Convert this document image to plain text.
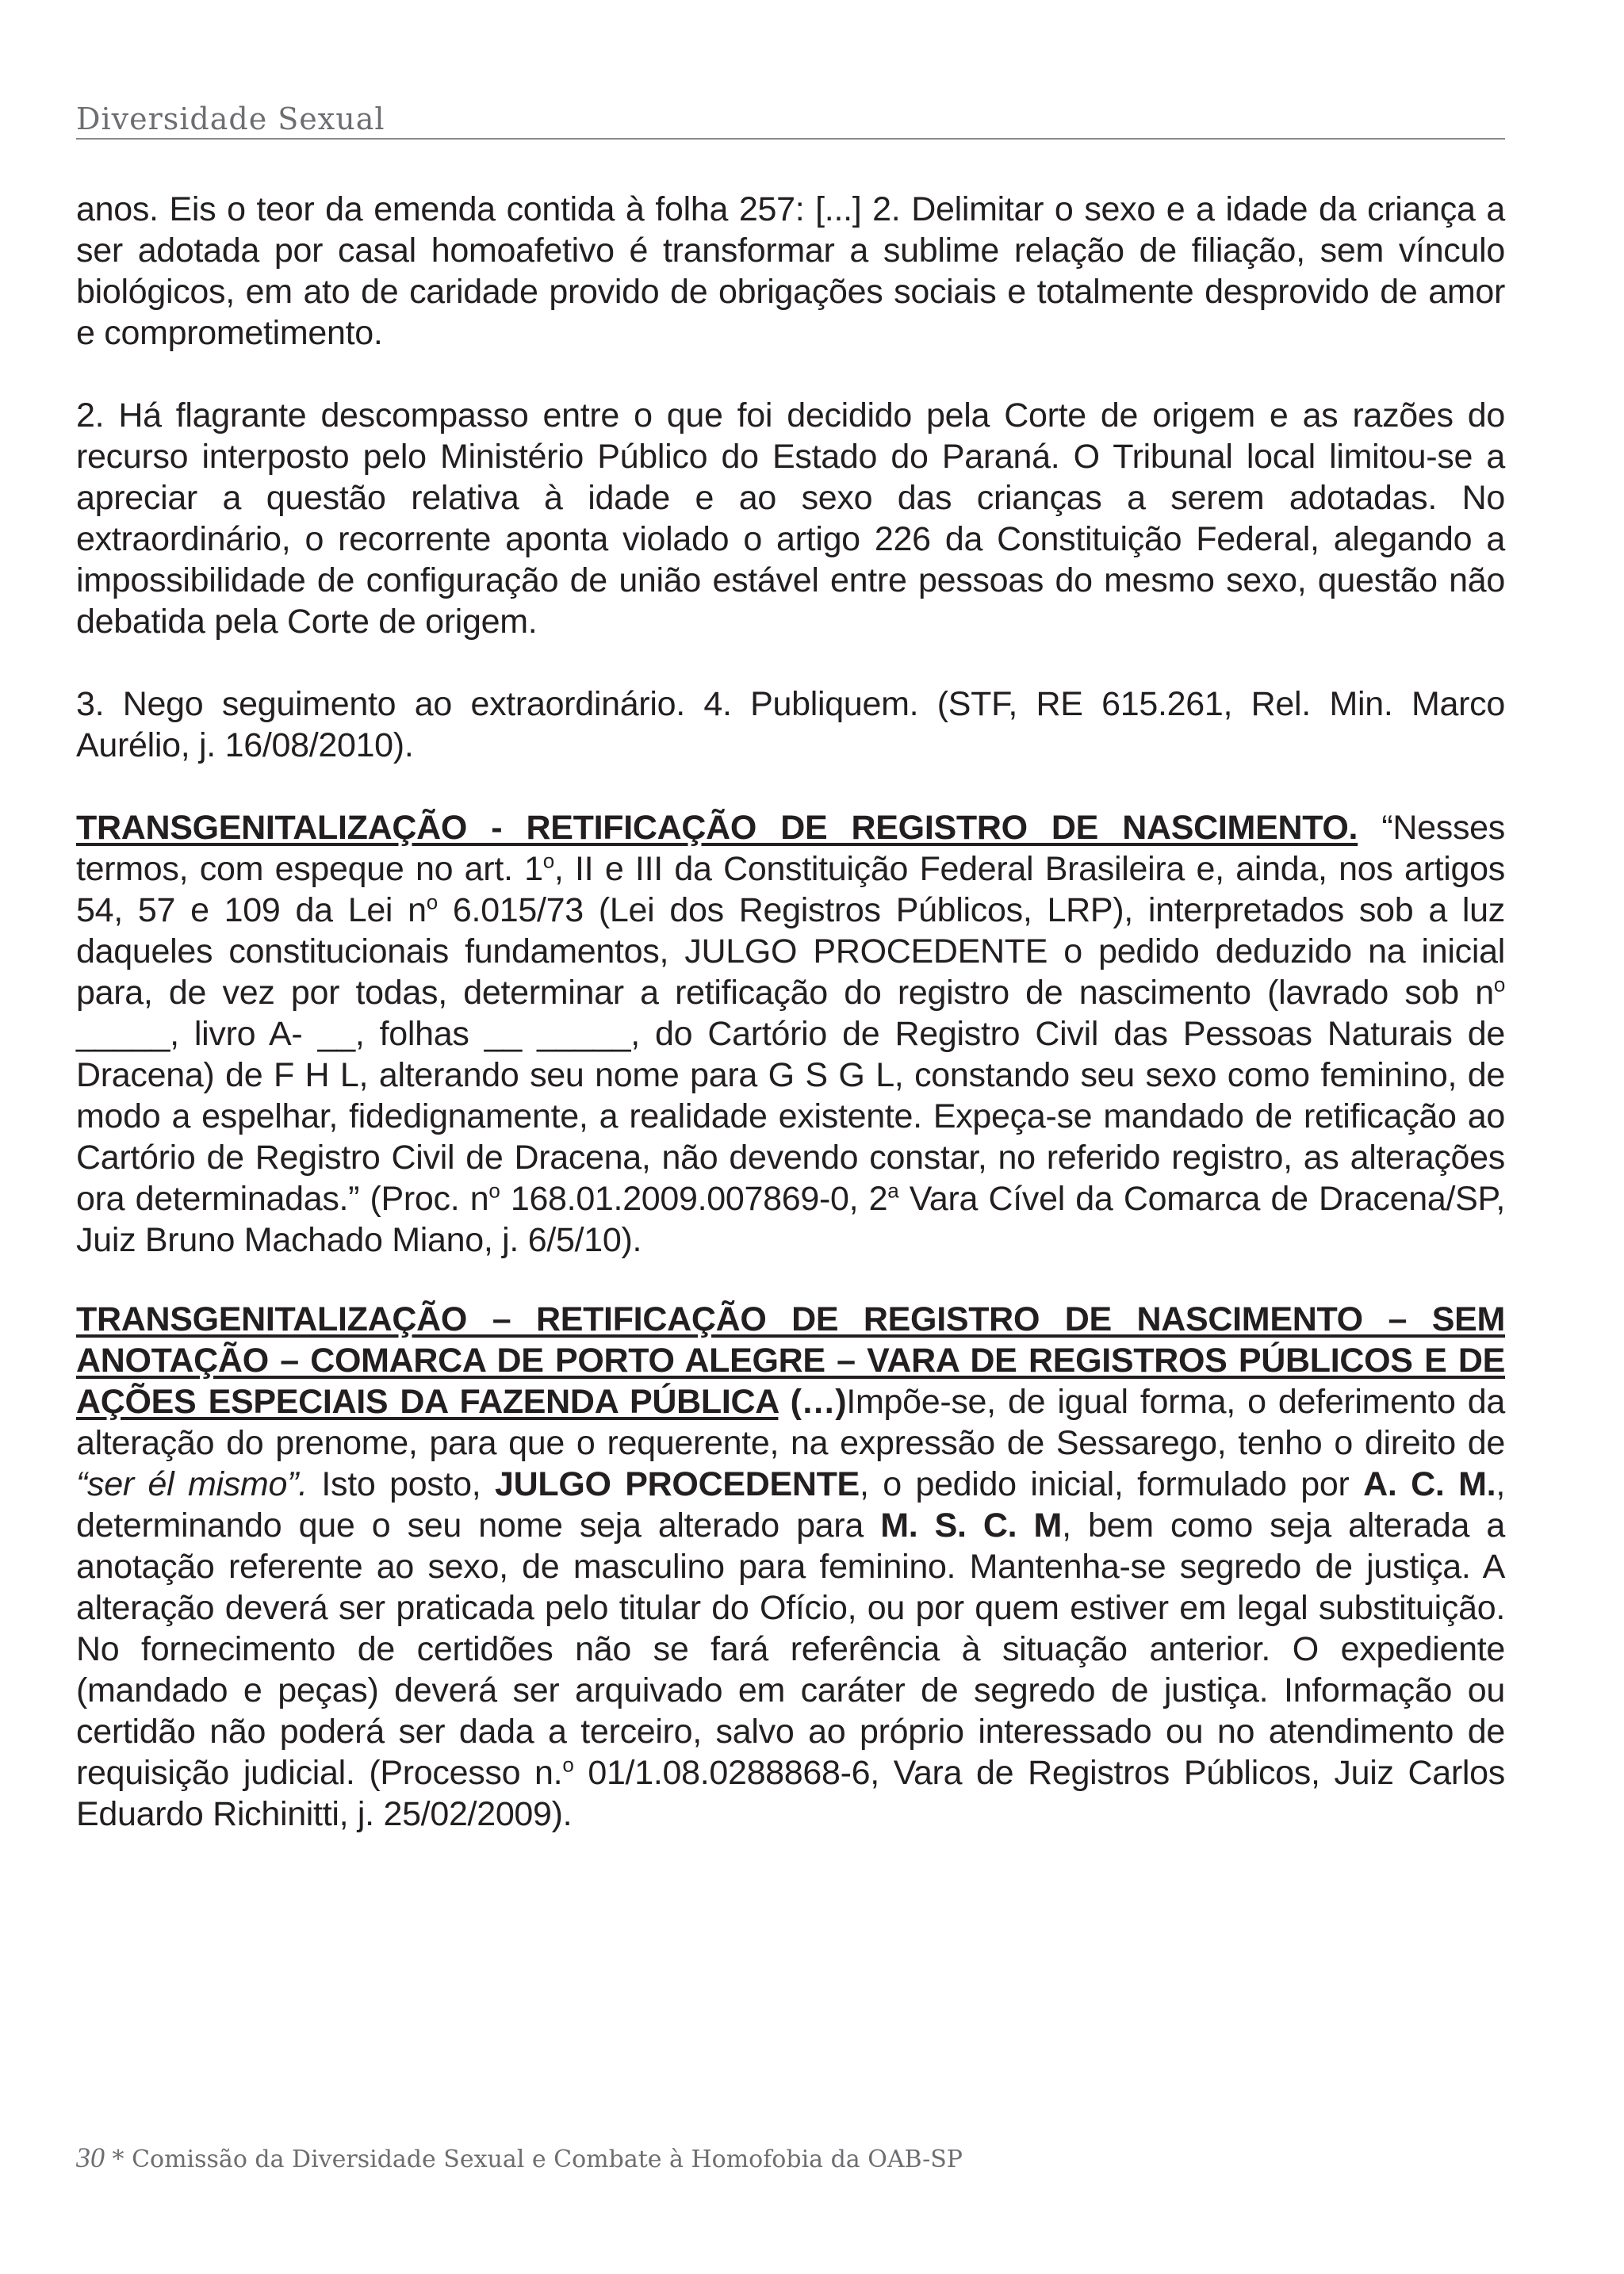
Diversidade Sexual

anos. Eis o teor da emenda contida à folha 257: [...] 2. Delimitar o sexo e a idade da criança a ser adotada por casal homoafetivo é transformar a sublime relação de filiação, sem vínculo biológicos, em ato de caridade provido de obrigações sociais e totalmente desprovido de amor e comprometimento.

2. Há flagrante descompasso entre o que foi decidido pela Corte de origem e as razões do recurso interposto pelo Ministério Público do Estado do Paraná. O Tribunal local limitou-se a apreciar a questão relativa à idade e ao sexo das crianças a serem adotadas. No extraordinário, o recorrente aponta violado o artigo 226 da Constituição Federal, alegando a impossibilidade de configuração de união estável entre pessoas do mesmo sexo, questão não debatida pela Corte de origem.

3. Nego seguimento ao extraordinário. 4. Publiquem. (STF, RE 615.261, Rel. Min. Marco Aurélio, j. 16/08/2010).

TRANSGENITALIZAÇÃO - RETIFICAÇÃO DE REGISTRO DE NASCIMENTO. “Nesses termos, com espeque no art. 1$^o$, II e III da Constituição Federal Brasileira e, ainda, nos artigos 54, 57 e 109 da Lei $n^o$ 6.015/73 (Lei dos Registros Públicos, LRP), interpretados sob a luz daqueles constitucionais fundamentos, JULGO PROCEDENTE o pedido deduzido na inicial para, de vez por todas, determinar a retificação do registro de nascimento (lavrado sob $n^o$ _____, livro A- __, folhas __ _____, do Cartório de Registro Civil das Pessoas Naturais de Dracena) de F H L, alterando seu nome para G S G L, constando seu sexo como feminino, de modo a espelhar, fidedignamente, a realidade existente. Expeça-se mandado de retificação ao Cartório de Registro Civil de Dracena, não devendo constar, no referido registro, as alterações ora determinadas.” (Proc. $n^o$ 168.01.2009.007869-0, 2$^a$ Vara Cível da Comarca de Dracena/SP, Juiz Bruno Machado Miano, j. 6/5/10).

TRANSGENITALIZAÇÃO – RETIFICAÇÃO DE REGISTRO DE NASCIMENTO – SEM ANOTAÇÃO – COMARCA DE PORTO ALEGRE – VARA DE REGISTROS PÚBLICOS E DE AÇÕES ESPECIAIS DA FAZENDA PÚBLICA (…)Impõe-se, de igual forma, o deferimento da alteração do prenome, para que o requerente, na expressão de Sessarego, tenho o direito de “ser él mismo”. Isto posto, JULGO PROCEDENTE, o pedido inicial, formulado por A. C. M., determinando que o seu nome seja alterado para M. S. C. M, bem como seja alterada a anotação referente ao sexo, de masculino para feminino. Mantenha-se segredo de justiça. A alteração deverá ser praticada pelo titular do Ofício, ou por quem estiver em legal substituição. No fornecimento de certidões não se fará referência à situação anterior. O expediente (mandado e peças) deverá ser arquivado em caráter de segredo de justiça. Informação ou certidão não poderá ser dada a terceiro, salvo ao próprio interessado ou no atendimento de requisição judicial. (Processo n.$^o$ 01/1.08.0288868-6, Vara de Registros Públicos, Juiz Carlos Eduardo Richinitti, j. 25/02/2009).

30 * Comissão da Diversidade Sexual e Combate à Homofobia da OAB-SP
